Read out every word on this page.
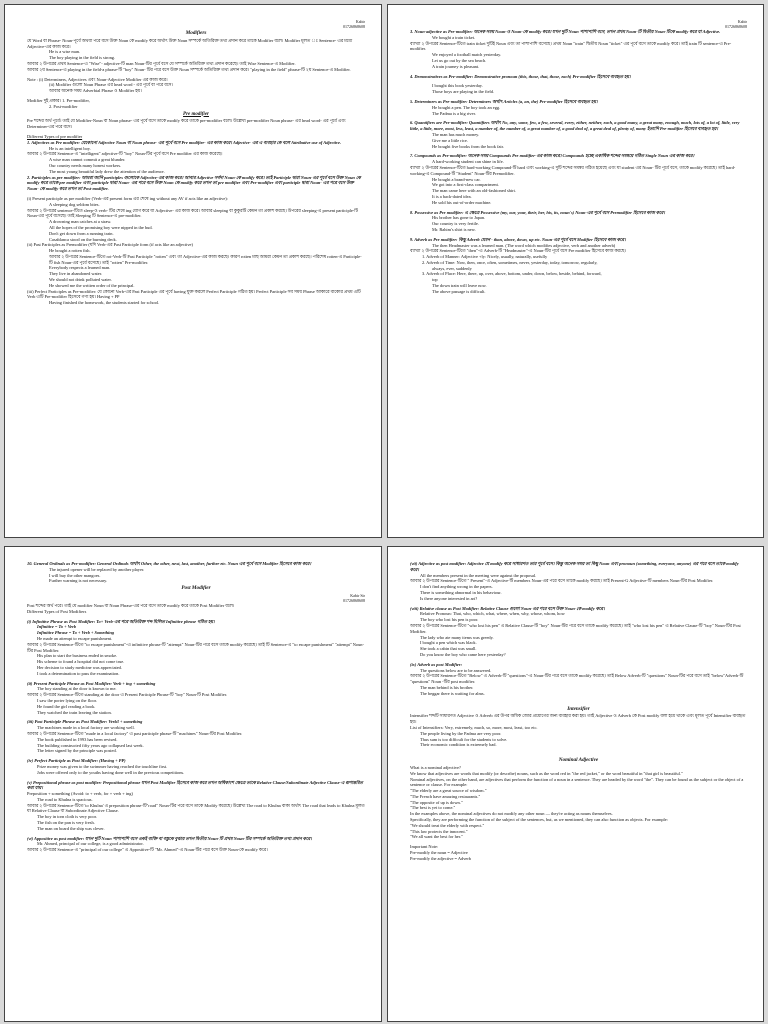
Kabir
01726868608
Modifiers
যে Word বা Phrase- Noun-পূর্বে অথবা পরে বসে উক্ত Noun কে modify করে অর্থাৎ উক্ত Noun সম্পর্কে অতিরিক্ত তথ্য প্রদান করে তাকে Modifier বলে। Modifier মূলত ঃ Sentence- এর মধ্যে Adjective-এর কাজ করে।
He is a wise man.
The boy playing in the field is strong.
আবার ২ উপরের প্রথম Sentence-এ "Wise"- adjective-টি man Noun-টির পূর্বে বসে যে সম্পর্কে অতিরিক্ত তথ্য প্রদান করেছে। তাই Wise Sentence-এ Modifier.
আবার ২য় Sentence-এ playing in the field-a phrase-টি "boy" Noun- টির পরে বসে উক্ত Noun সম্পর্কে অতিরিক্ত তথ্য প্রদান করে। "playing in the field" phrase-টি ২য় Sentence-এ Modifier.
Note : (i) Determiners, Adjectives এবং Noun-Adjective Modifier এর কাজ করে।
(ii) Modifier গুলো Noun Phrase এর head word - এর পূর্বে বা পরে বসে।
আবার অনেক সময় Adverbial Phrase ও Modifier হয়।
Modifier দুই প্রকার। 1. Pre-modifier,
2. Post-modifier
Pre modifier
Pre শব্দের অর্থ পূর্বে। তাই যে Modifier-Noun বা Noun phrase- এর পূর্বে বসে তাকে modify করে তাকে pre-modifier বলে। উল্লেখ্য pre-modifier Noun phrase- এর head word- এর পূর্বে এবং Determiner-এর পরে বসে।
Different Types of pre modifier
1. Adjectives as Pre modifier: যেকোনো Adjective Noun বা Noun phrase- এর পূর্বে বসে Pre modifier- এর কাজ করে। Adjective- এর এ ব্যবহার কে বলে Attributive use of Adjective.
He is an intelligent boy.
আবার ২ উপরের Sentence-এ "intelligent" adjective-টি "boy" Noun-টির পূর্বে বসে Pre modifier এর কাজ করেছে।
A wise man cannot commit a great blunder.
Our country needs many honest workers.
The most young beautiful lady drew the attention of the audience.
2. Participles as pre modifier: আমরা জানি participles গুলোকে Adjective-এর কাজ করে। আবার Adjective সর্বদা Noun-কে modify করে। তাই Participle দ্বারা Noun-এর পূর্বে বসে উক্ত Noun কে modify করে তাকে pre modifier এবং participle দ্বারা Noun- এর পরে বসে উক্ত Noun কে modify করে তখন তা pre modifier এবং Pre-modifier এবং participle দ্বারা Noun- এর পরে বসে উক্ত Noun- কে modify করে তখন তা Post-modifier.
(i) Present participle as pre modifier (Verb-এর present form এর শেষে ing without any AV if acts like an adjective):
A sleeping dog seldom bites.
আবার ২ উপরের sentence-টিতে sleep-ও verb- টির শেষে ing যোগ করে যা Adjective- এর কাজ করে। আবার sleeping বা কুকুরটি কেমন তা প্রকাশ করছে। উপরের sleeping-এ present participle-টি Noun-এর পূর্বে বসেছে। তাই Sleeping টি Sentence-এ pre-modifier.
A drowning man catches at a straw.
All the hopes of the promising boy were nipped in the bud.
Don't get down from a running train.
Casablanca stood on the burning deck.
(ii) Past Participles as Premodifier (যদি Verb-এর Past Participle form (if acts like an adjective)
He bought a rotten fish.
আবার ২ উপরের Sentence-টিতে rot-Verb-টি Past Participle "rotten" এবং তা Adjective-এর কাজ করছে। কারণ rotten মাছ আমরা কেমন তা প্রকাশ করছে। পরিশেষ rotten-এ Participle-টি fish Noun-এর পূর্বে বসেছে। তাই "rotten" Pre-modifier.
Everybody respects a learned man.
They live in abandoned water.
We should not drink polluted water.
He showed me the written order of the principal.
(iii) Perfect Participles as Pre-modifier: যে কোনো Verb-এর Past Participle এর পূর্বে having যুক্ত করলে Perfect Participle গঠিত হয়। Perfect Participle সব সময় Phrase আকারে বাক্যের প্রথম এটি Verb এটি Pre-modifier হিসেবে গণ্য হয়। Having + PP
Having finished the homework, the students started for school.
Kabir
01726868608
3. Noun-adjective as Pre-modifier: অনেক সময় Noun-ও Noun-কে modify করে। যখন দুটি Noun পাশাপাশি বসে, তখন প্রথম Noun-টি দ্বিতীয় Noun-টিকে modify করে যা Adjective.
We bought a train ticket.
ব্যাখ্যা ২ উপরের Sentence-টিতে train ticket দুটিই Noun এবং তা পাশাপাশি বসেছে। প্রথম Noun "train" দ্বিতীয় Noun "ticket" এর পূর্বে বসে তাকে modify করে। তাই train টি sentence-এ Pre-modifier.
We enjoyed a football match yesterday.
Let us go out by the sea beach.
A train journey is pleasant.
4. Demonstratives as Pre-modifier: Demonstrative pronoun (this, those, that, those, each) Pre-modifier হিসেবে ব্যবহৃত হয়।
I bought this book yesterday.
Those boys are playing in the field.
5. Determiners as Pre-modifier: Determiners অর্থাৎ Articles (a, an, the) Pre-modifier হিসেবে ব্যবহৃত হয়।
He bought a pen. The boy took an egg.
The Padma is a big river.
6. Quantifiers are Pre-modifier: Quantifiers অর্থাৎ No, any, some, few, a few, several, every, either, neither, each, a good many, a great many, enough, much, lots of, a lot of, little, very little, a little, more, most, less, least, a number of, the number of, a great number of, a good deal of, a great deal of, plenty of, many ইত্যাদি Pre-modifier হিসেবে ব্যবহৃত হয়।
The man has much money.
Give me a little rice.
He bought five books from the book fair.
7. Compounds as Pre-modifier: অনেক সময় Compounds Pre modifier-এর কাজ করে। Compounds হচ্ছে একাধিক শব্দের সমন্বয়ে গঠিত Single Noun এর কাজ করে।
A hard-working student can shine in life.
ব্যাখ্যা ২ উপরের Sentence-টিতে hard-working Compound-টি hard এবং working-এ দুটি শব্দের সমন্বয় গঠিত হয়েছে এবং যা student এর Noun- টির পূর্বে বসে, তাকে modify করেছে। তাই hard-working-এ Compound-টি "Student" Noun-টির Premodifier.
He bought a brand-new car.
We got into a first-class compartment.
The man came here with an old-fashioned shirt.
It is a back-dated idea.
He sold his out-of-order machine.
8. Possessive as Pre modifier: এ ক্ষেত্রে Possessive (my, our, your, their, her, his, its, noun's) Noun-এর পূর্বে বসে Premodifier হিসেবে কাজ করে।
His brother has gone to Japan.
Our country is very fertile.
Mr. Rahim's shirt is new.
9. Adverb as Pre modifier: কিছু Adverb যেমন - than, above, down, up etc. Noun-এর পূর্বে বসে Modifier হিসেবে কাজ করে।
The then Headmaster was a learned man. (The word which modifies adjective, verb and another adverb)
ব্যাখ্যা ২ উপরের Sentence-টিতে "then"-এ Adverb-টি "Headmaster"-এ Noun-টির পূর্বে বসে Pre modifier হিসেবে কাজ করছে।
1. Adverb of Manner: Adjective +ly: Nicely, usually, naturally, usefully
2. Adverb of Time: Now, then, once, often, sometimes, never, yesterday, today, tomorrow, regularly,
always, ever, suddenly
3. Adverb of Place: Here, there, up, over, above, bottom, under, down, below, beside, behind, forward,
top
The down train will leave now.
The above passage is difficult.
10. General Ordinals as Pre-modifier: General Ordinals অর্থাৎ Other, the other, next, last, another, further etc. Noun এর পূর্বে বসে Modifier হিসেবে কাজ করে।
The injured opener will be replaced by another player.
I will buy the other mangoes.
Further warning is not necessary.
Post Modifier
Kabir Sir
01726868608
Post শব্দের অর্থ পরে। তাই যে modifier Noun বা Noun Phrase-এর পরে বসে তাকে modify করে তাকে Post Modifier বলে।
Different Types of Post Modifiers
(i) Infinitive Phrase as Post Modifier: To+ Verb-এর পরে অতিরিক্ত শব্দ মিলিত Infinitive phrase গঠিত হয়।
Infinitive = To + Verb
Infinitive Phrase = To + Verb + Something
He made an attempt to escape punishment.
আবার ২ উপরের Sentence-টিতে "to escape punishment"-এ infinitive phrase-টি "attempt" Noun-টির পরে বসে তাকে modify করেছে। তাই টি Sentence-এ "to escape punishment" "attempt" Noun-টির Post Modifier.
His plan to start the business ended in smoke.
His scheme to found a hospital did not come true.
Her decision to study medicine was appreciated.
I took a determination to pass the examination.
(ii) Present Participle Phrase as Post Modifier: Verb + ing + something
The boy standing at the door is known to me.
আবার ২ উপরের Sentence-টিতে standing at the door এ Present Participle Phrase-টি "boy" Noun-টি Post Modifier.
I saw the porter lying on the floor.
He found the girl reading a book.
They watched the train leaving the station.
(iii) Past Participle Phrase as Post Modifier: Verb3 + something
The machines made in a local factory are working well.
আবার ২ উপরের Sentence-টিতে "made in a local factory" এ past participle phrase-টি "machines" Noun-টির Post Modifier.
The book published in 1993 has been revised.
The building constructed fifty years ago collapsed last week.
The letter signed by the principle was posted.
(iv) Perfect Participle as Post Modifier: (Having + PP)
Prize money was given to the swimmer having reached the touchline first.
Jobs were offered only to the youths having done well in the previous competitions.
(v) Prepositional phrase as post modifier: Prepositional phrase যখন Post Modifier হিসেবে কাজ করে তখন অধিকাংশ ক্ষেত্রে তাকে Relative Clause/Subordinate Adjective Clause-এ রূপান্তরিত করা যায়।
Preposition + something (Avoid: to + verb, for + verb + ing)
The road to Khulna is spacious.
আবার ২ উপরের Sentence-টিতে 'to Khulna' এ preposition phrase-টি"road" Noun-টির পরে বসে তাকে Modify করেছে। উল্লেখ্য The road to Khulna বাক্য অর্থাৎ The road that leads to Khulna মূলত যা Relative Clause বা Subordinate Adjective Clause.
The boy in torn cloth is very poor.
The fish on the pan is very fresh.
The man on board the ship was clever.
(vi) Appositive as post modifier: যখন দুটি Noun পাশাপাশি বসে একই ব্যক্তি বা বস্তুকে বুঝায় তখন দ্বিতীয় Noun-টি প্রথম Noun-টির সম্পর্কে অতিরিক্ত তথ্য প্রদান করে।
Mr. Ahmed, principal of our college, is a good administrator.
আবার ২ উপরের Sentence-এ "principal of our college" এ Appositive-টি "Mr. Ahmed"-এ Noun-টির পরে বসে উক্ত Noun-কে modify করে।
(vii) Adjective as post modifier: Adjective যে modify করে সাধারণত তার পূর্বে বসে। কিন্তু অনেক সময় তা কিছু Noun এবং pronoun (something, everyone, anyone) এর পরে বসে তাকে modify করে।
All the members present in the meeting were against the proposal.
আবার ২ উপরের Sentence-টিতে " Present"-এ Adjective-টি members Noun-এর পরে বসে তাকে modify করছে। তাই Present-G Adjective-টি members Noun-টির Post Modifier.
I don't find anything wrong in the papers.
There is something abnormal in his behaviour.
Is there anyone interested in art?
(viii) Relative clause as Post Modifier: Relative Clause গুলো Noun-এর পরে বসে উক্ত Noun-কে modify করে।
Relative Pronoun: That, who, which, what, where, when, why, whose, whom, how
The boy who lost his pen is poor.
আবার ২ উপরের Sentence-টিতে "who lost his pen" এ Relative Clause-টি "boy" Noun-টির পরে বসে তাকে modify করেছে। তাই "who lost his pen" এ Relative Clause-টি "boy" Noun-টির Post Modifier.
The lady who ate many items was greedy.
I bought a pen which was black.
She took a cabin that was small.
Do you know the boy who came here yesterday?
(ix) Adverb as post Modifier:
The questions below are to be answered.
আবার ২ উপরের Sentence-টিতে "Below" এ Adverb-টি "questions"-এ Noun-টির পরে বসে তাকে modify করেছে। তাই Below Adverb-টি "questions" Noun-টির পরে বসে তাই "below"Adverb-টি "questions" Noun -টির post modifier.
The man behind is his brother.
The beggar there is waiting for alms.
Intensifier
Intensifier শব্দটি সাধারণত Adjective ও Adverb এর উপর অধিক জোর প্রয়োগের জন্য ব্যবহার করা হয়। তাই Adjective ও Adverb কে Post modify বলা হয়ে থাকে এবং মূলত পূর্বে Intensifier ব্যবহৃত হয়।
List of Intensifiers: Very, extremely, much, so, more, most, least, too etc.
The people living by the Padma are very poor.
Thus sum is too difficult for the students to solve.
Their economic condition is extremely bad.
Nominal Adjective
What is a nominal adjective?
We know that adjectives are words that modify (or describe) nouns, such as the word red in "the red jacket," or the word beautiful in "that girl is beautiful."
Nominal adjectives, on the other hand, are adjectives that perform the function of a noun in a sentence. They are headed by the word "the". They can be found as the subject or the object of a sentence or clause. For example:
"The elderly are a great source of wisdom."
"The French have amazing restaurants."
"The opposite of up is down."
"The best is yet to come."
In the examples above, the nominal adjectives do not modify any other noun — they're acting as nouns themselves.
Specifically, they are performing the function of the subject of the sentences, but, as we mentioned, they can also function as objects. For example:
"We should treat the elderly with respect."
"This law protects the innocent."
"We all want the best for her."
Important Note:
Pre-modify the noun = Adjective
Pre-modify the adjective = Adverb
